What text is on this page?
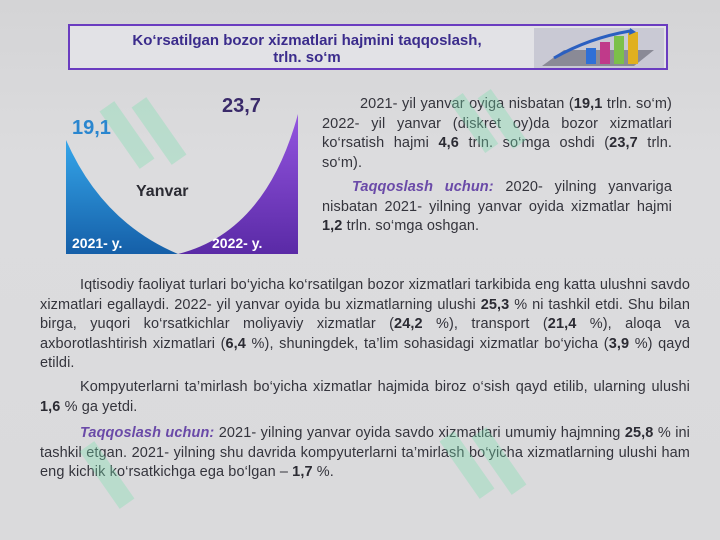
Ko‘rsatilgan bozor xizmatlari hajmini taqqoslash,
trln. so‘m
19,1
23,7
Yanvar
2021- y.	2022- y.
2021- yil yanvar oyiga nisbatan (19,1 trln. so‘m) 2022- yil yanvar (diskret oy)da bozor xizmatlari ko‘rsatish hajmi 4,6 trln. so‘mga oshdi (23,7 trln. so‘m).
Taqqoslash uchun: 2020- yilning yanvariga nisbatan 2021- yilning yanvar oyida xizmatlar hajmi 1,2 trln. so‘mga oshgan.
Iqtisodiy faoliyat turlari bo‘yicha ko‘rsatilgan bozor xizmatlari tarkibida eng katta ulushni savdo xizmatlari egallaydi. 2022- yil yanvar oyida bu xizmatlarning ulushi 25,3 % ni tashkil etdi. Shu bilan birga, yuqori ko‘rsatkichlar moliyaviy xizmatlar (24,2 %), transport (21,4 %), aloqa va axborotlashtirish xizmatlari (6,4 %), shuningdek, ta’lim sohasidagi xizmatlar bo‘yicha (3,9 %) qayd etildi.
Kompyuterlarni ta’mirlash bo‘yicha xizmatlar hajmida biroz o‘sish qayd etilib, ularning ulushi 1,6 % ga yetdi.
Taqqoslash uchun: 2021- yilning yanvar oyida savdo xizmatlari umumiy hajmning 25,8 % ini tashkil etgan. 2021- yilning shu davrida kompyuterlarni ta’mirlash bo‘yicha xizmatlarning ulushi ham eng kichik ko‘rsatkichga ega bo‘lgan – 1,7 %.
